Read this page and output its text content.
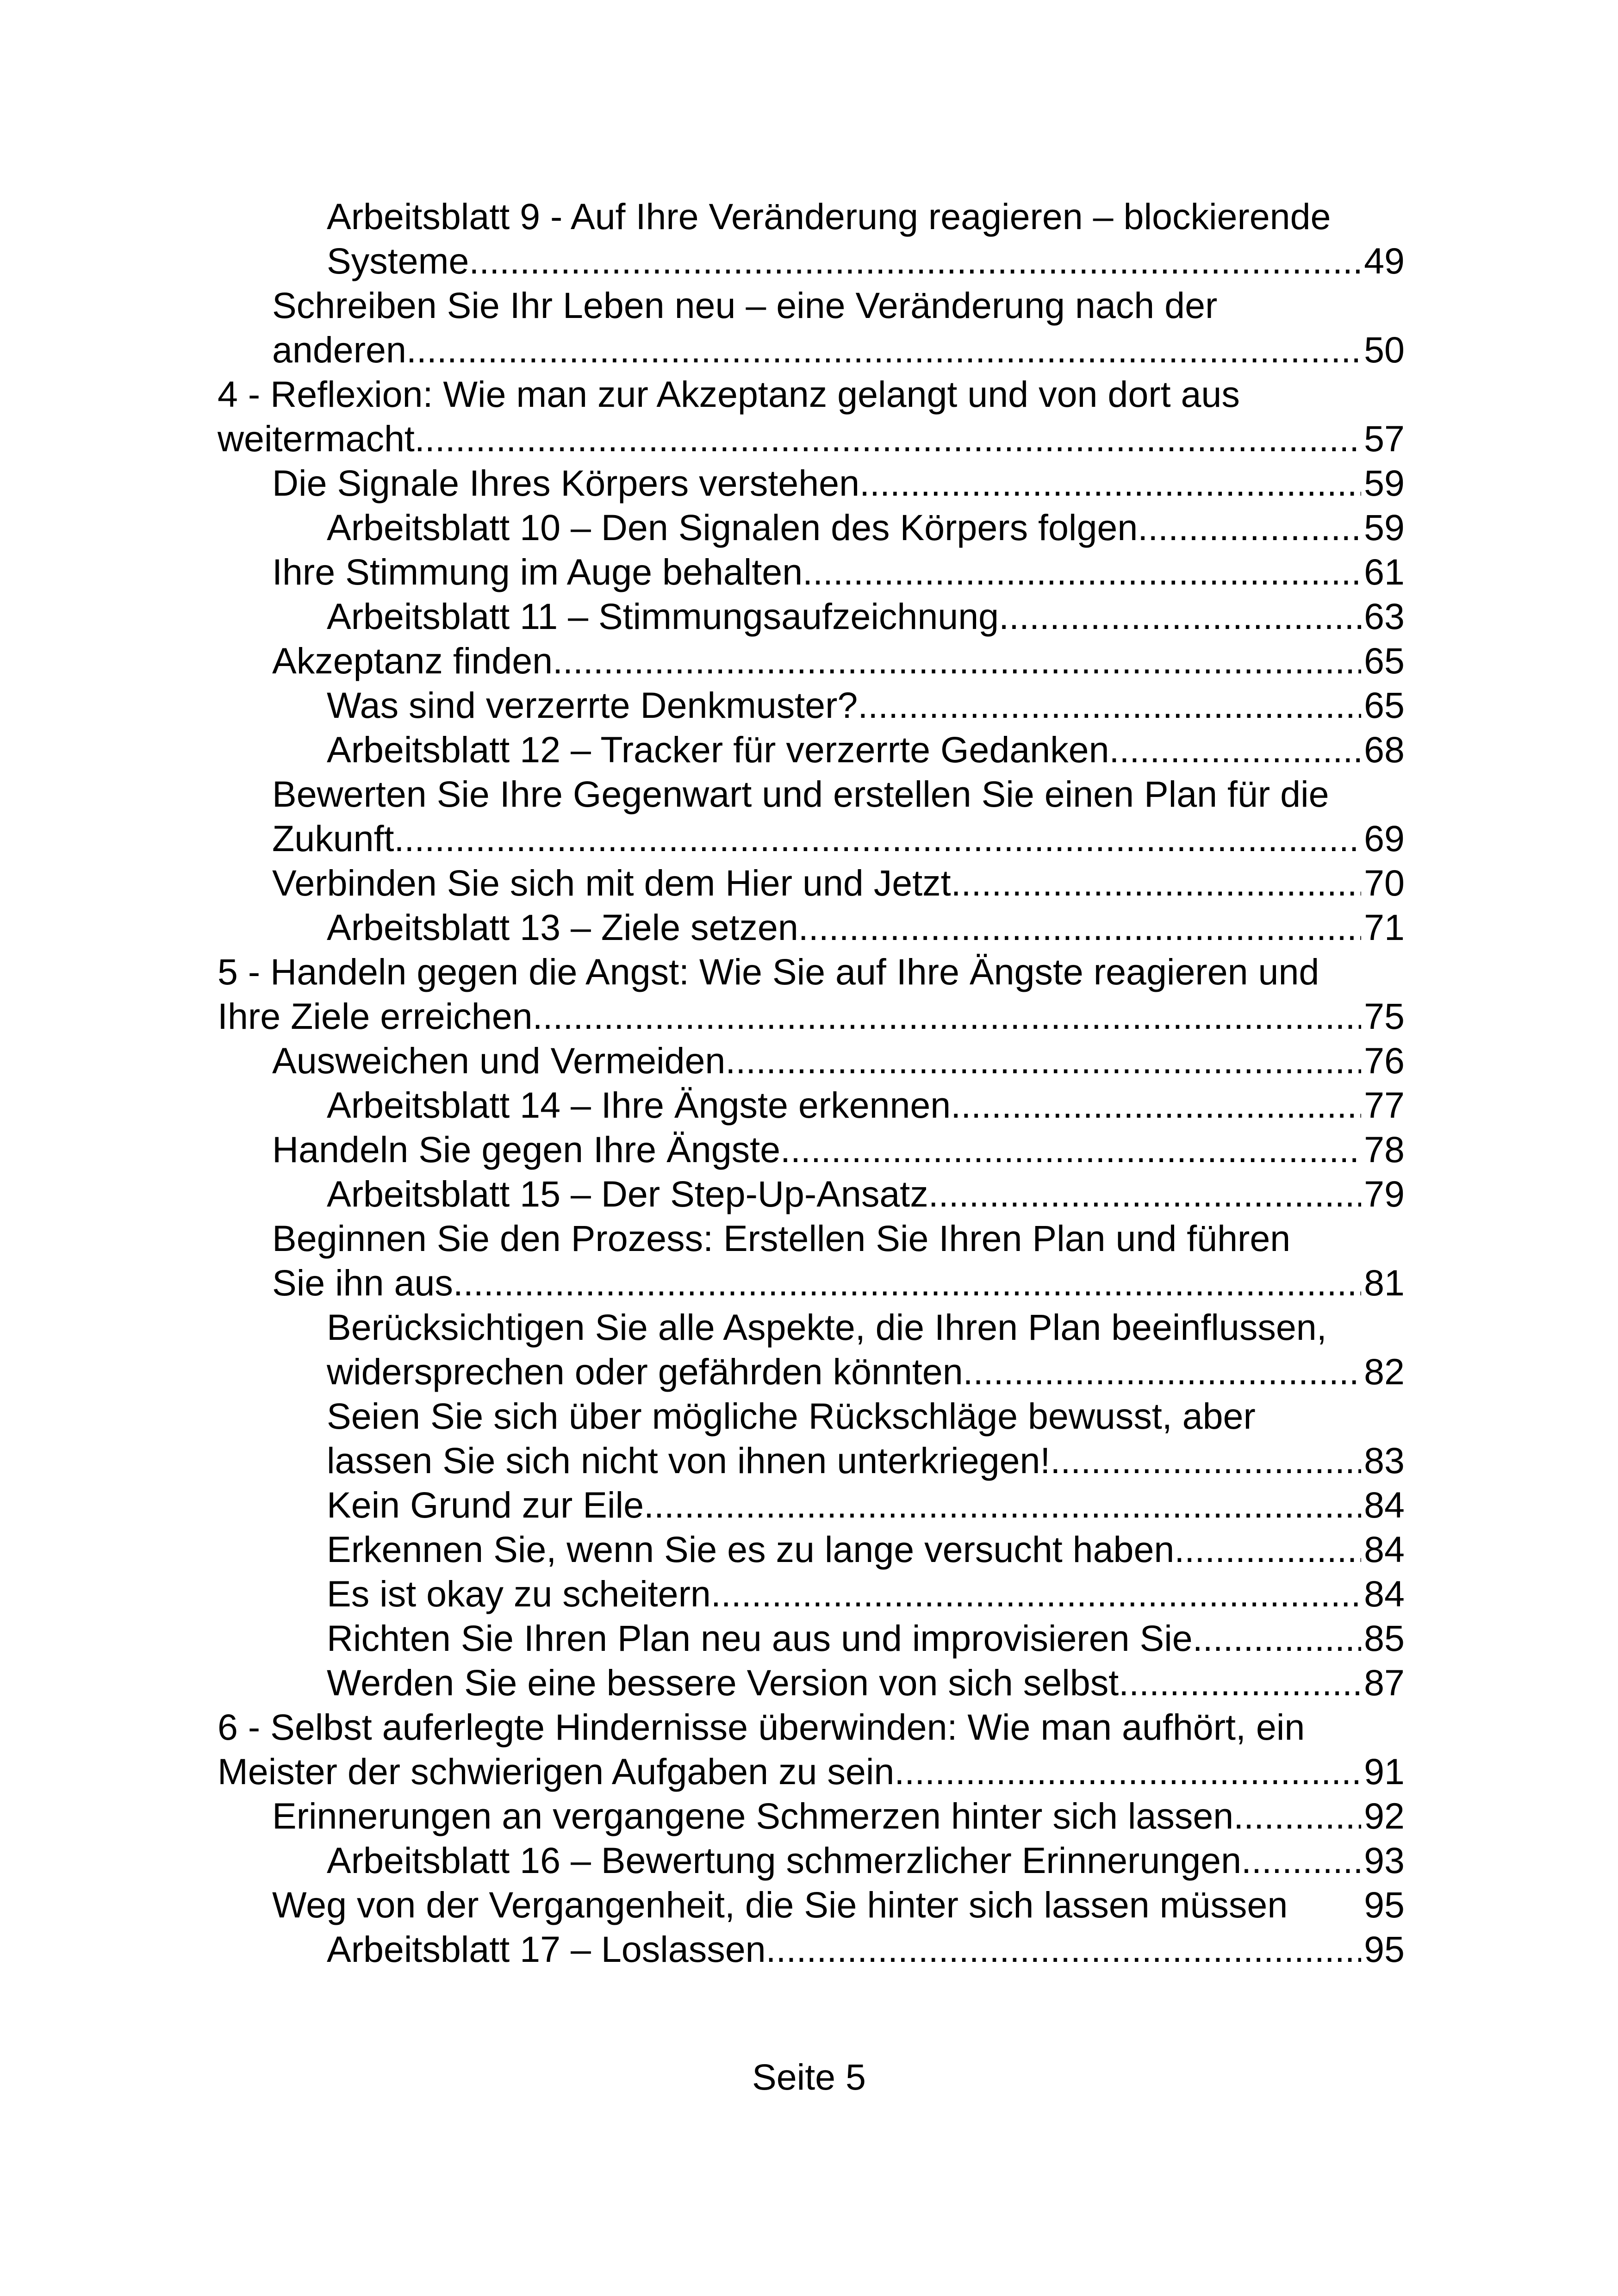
Arbeitsblatt 9 - Auf Ihre Veränderung reagieren – blockierende
Systeme .....	49
Schreiben Sie Ihr Leben neu – eine Veränderung nach der
anderen .....	50
4 - Reflexion: Wie man zur Akzeptanz gelangt und von dort aus
weitermacht .....	57
Die Signale Ihres Körpers verstehen .....	59
Arbeitsblatt 10 – Den Signalen des Körpers folgen .....	59
Ihre Stimmung im Auge behalten .....	61
Arbeitsblatt 11 – Stimmungsaufzeichnung .....	63
Akzeptanz finden .....	65
Was sind verzerrte Denkmuster? .....	65
Arbeitsblatt 12 – Tracker für verzerrte Gedanken .....	68
Bewerten Sie Ihre Gegenwart und erstellen Sie einen Plan für die
Zukunft .....	69
Verbinden Sie sich mit dem Hier und Jetzt .....	70
Arbeitsblatt 13 – Ziele setzen .....	71
5 - Handeln gegen die Angst: Wie Sie auf Ihre Ängste reagieren und
Ihre Ziele erreichen .....	75
Ausweichen und Vermeiden .....	76
Arbeitsblatt 14 – Ihre Ängste erkennen .....	77
Handeln Sie gegen Ihre Ängste .....	78
Arbeitsblatt 15 – Der Step-Up-Ansatz .....	79
Beginnen Sie den Prozess: Erstellen Sie Ihren Plan und führen
Sie ihn aus .....	81
Berücksichtigen Sie alle Aspekte, die Ihren Plan beeinflussen,
widersprechen oder gefährden könnten .....	82
Seien Sie sich über mögliche Rückschläge bewusst, aber
lassen Sie sich nicht von ihnen unterkriegen! .....	83
Kein Grund zur Eile .....	84
Erkennen Sie, wenn Sie es zu lange versucht haben .....	84
Es ist okay zu scheitern .....	84
Richten Sie Ihren Plan neu aus und improvisieren Sie .....	85
Werden Sie eine bessere Version von sich selbst .....	87
6 - Selbst auferlegte Hindernisse überwinden: Wie man aufhört, ein
Meister der schwierigen Aufgaben zu sein .....	91
Erinnerungen an vergangene Schmerzen hinter sich lassen .....	92
Arbeitsblatt 16 – Bewertung schmerzlicher Erinnerungen .....	93
Weg von der Vergangenheit, die Sie hinter sich lassen müssen 95
Arbeitsblatt 17 – Loslassen .....	95
Seite 5
